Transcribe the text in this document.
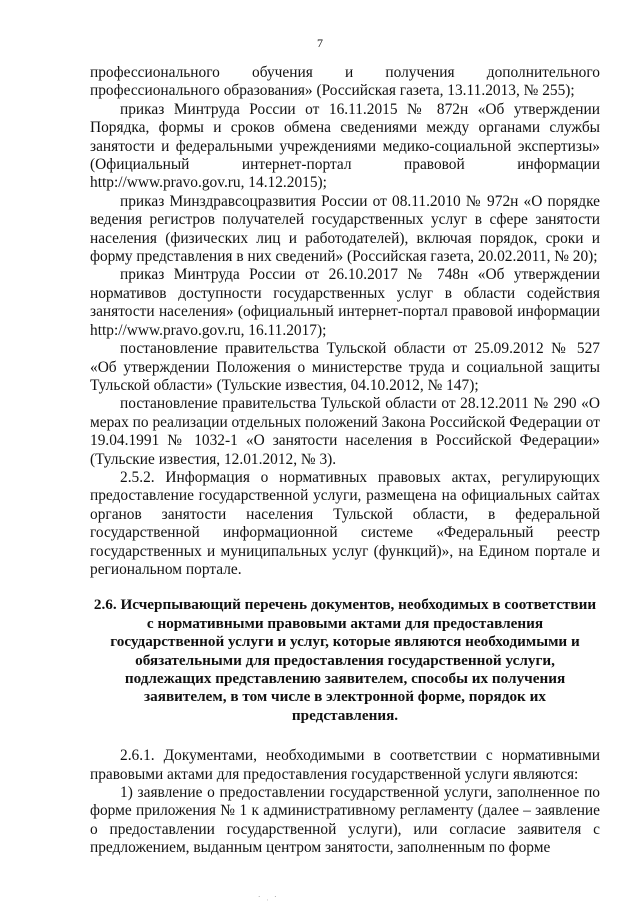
7

профессионального обучения и получения дополнительного профессионального образования» (Российская газета, 13.11.2013, № 255);

приказ Минтруда России от 16.11.2015 № 872н «Об утверждении Порядка, формы и сроков обмена сведениями между органами службы занятости и федеральными учреждениями медико-социальной экспертизы» (Официальный интернет-портал правовой информации http://www.pravo.gov.ru, 14.12.2015);

приказ Минздравсоцразвития России от 08.11.2010 № 972н «О порядке ведения регистров получателей государственных услуг в сфере занятости населения (физических лиц и работодателей), включая порядок, сроки и форму представления в них сведений» (Российская газета, 20.02.2011, № 20);

приказ Минтруда России от 26.10.2017 № 748н «Об утверждении нормативов доступности государственных услуг в области содействия занятости населения» (официальный интернет-портал правовой информации http://www.pravo.gov.ru, 16.11.2017);

постановление правительства Тульской области от 25.09.2012 № 527 «Об утверждении Положения о министерстве труда и социальной защиты Тульской области» (Тульские известия, 04.10.2012, № 147);

постановление правительства Тульской области от 28.12.2011 № 290 «О мерах по реализации отдельных положений Закона Российской Федерации от 19.04.1991 № 1032-1 «О занятости населения в Российской Федерации» (Тульские известия, 12.01.2012, № 3).

2.5.2. Информация о нормативных правовых актах, регулирующих предоставление государственной услуги, размещена на официальных сайтах органов занятости населения Тульской области, в федеральной государственной информационной системе «Федеральный реестр государственных и муниципальных услуг (функций)», на Едином портале и региональном портале.

2.6. Исчерпывающий перечень документов, необходимых в соответствии с нормативными правовыми актами для предоставления государственной услуги и услуг, которые являются необходимыми и обязательными для предоставления государственной услуги, подлежащих представлению заявителем, способы их получения заявителем, в том числе в электронной форме, порядок их представления.

2.6.1. Документами, необходимыми в соответствии с нормативными правовыми актами для предоставления государственной услуги являются:

1) заявление о предоставлении государственной услуги, заполненное по форме приложения № 1 к административному регламенту (далее – заявление о предоставлении государственной услуги), или согласие заявителя с предложением, выданным центром занятости, заполненным по форме

· ˌ ·
